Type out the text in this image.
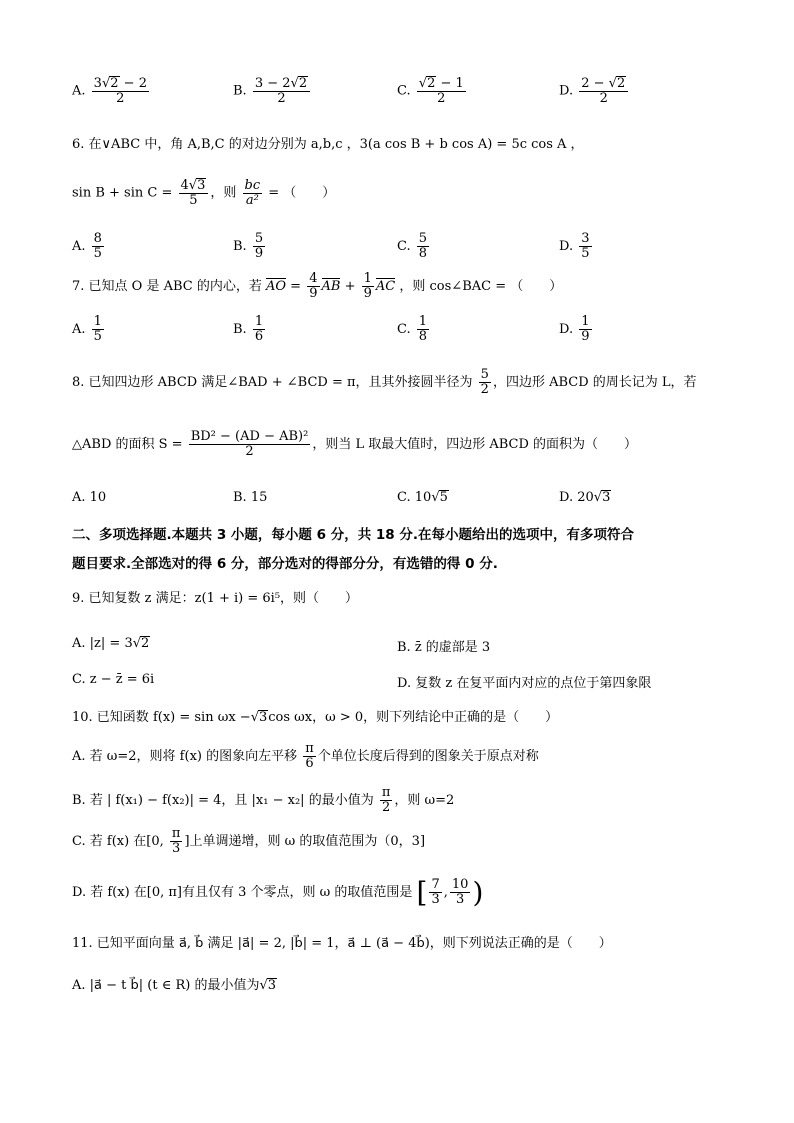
A. $\frac{3√2 - 2}{2}$	B. $\frac{3 - 2√2}{2}$	C. $\frac{√2 - 1}{2}$	D. $\frac{2 - √2}{2}$
6. 在∨ABC 中，角 A,B,C 的对边分别为 a,b,c ，3(a cos B + b cos A) = 5c cos A ，
$\sin B + \sin C = \frac{4√3}{5}$ ，则 $\frac{bc}{\text{a²}}$ = （　　）
A. $\frac{8}{5}$	B. $\frac{5}{9}$	C. $\frac{5}{8}$	D. $\frac{3}{5}$
7. 已知点 O 是 ABC 的内心，若 AO = $\frac{4}{9}$ AB + $\frac{1}{9}$ AC ，则 cos∠BAC = （　　）
A. $\frac{1}{5}$	B. $\frac{1}{6}$	C. $\frac{1}{8}$	D. $\frac{1}{9}$
8. 已知四边形 ABCD 满足∠BAD + ∠BCD = π，且其外接圆半径为 $\frac{5}{2}$ ，四边形 ABCD 的周长记为 L，若
△ABD 的面积 $S = \frac{\text{BD² − (AD − AB)²}}{2}$ ，则当 L 取最大值时，四边形 ABCD 的面积为（　　）
A. 10	B. 15	C. 10√5	D. 20√3
二、多项选择题.本题共 3 小题，每小题 6 分，共 18 分.在每小题给出的选项中，有多项符合
题目要求.全部选对的得 6 分，部分选对的得部分分，有选错的得 0 分.
9. 已知复数 z 满足：z(1 + i) = 6i⁵，则（　　）
A. |z| = 3√2	B. z̄ 的虚部是 3
C. z − z̄ = 6i	D. 复数 z 在复平面内对应的点位于第四象限
10. 已知函数 f(x) = sin ωx −√3cos ωx，ω > 0，则下列结论中正确的是（　　）
A. 若 ω=2，则将 f(x) 的图象向左平移 $\frac{\pi}{6}$ 个单位长度后得到的图象关于原点对称
B. 若 | f(x₁) − f(x₂)| = 4，且 |x₁ − x₂| 的最小值为 $\frac{\pi}{2}$ ，则 ω=2
C. 若 f(x) 在[0, $\frac{\pi}{3}$ ]上单调递增，则 ω 的取值范围为（0，3]
D. 若 f(x) 在[0, π]有且仅有 3 个零点，则 ω 的取值范围是 [ $\frac{7}{3}$ , $\frac{10}{3}$ )
11. 已知平面向量 a⃗, b⃗ 满足 |a⃗| = 2, |b⃗| = 1，a⃗ ⊥ (a⃗ − 4b⃗)，则下列说法正确的是（　　）
A. |a⃗ − t b⃗| (t ∈ R) 的最小值为√3
